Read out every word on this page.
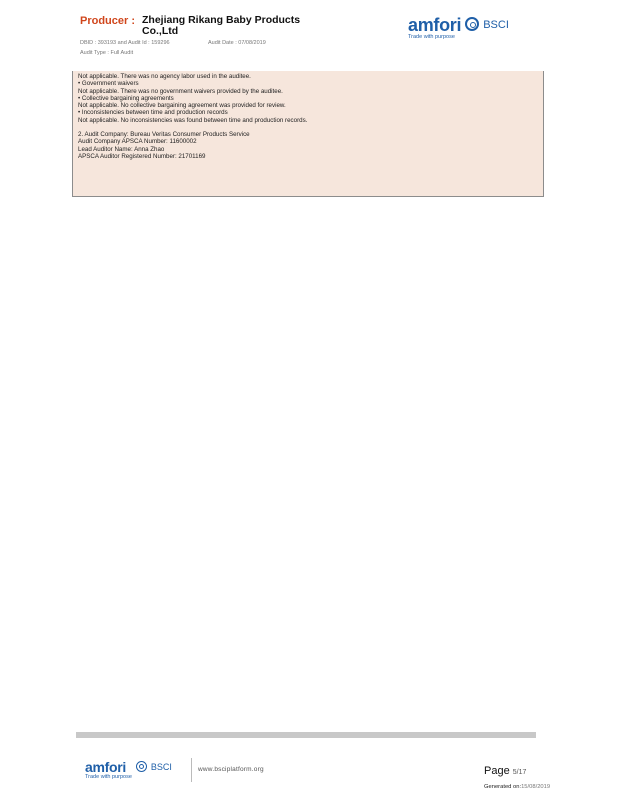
Producer : Zhejiang Rikang Baby Products Co.,Ltd
DBID : 393193 and Audit Id : 159296	Audit Date : 07/08/2019
Audit Type : Full Audit
amfori
Trade with purpose
BSCI
Not applicable. There was no agency labor used in the auditee.
• Government waivers
Not applicable. There was no government waivers provided by the auditee.
• Collective bargaining agreements
Not applicable. No collective bargaining agreement was provided for review.
• Inconsistencies between time and production records
Not applicable. No inconsistencies was found between time and production records.
2. Audit Company: Bureau Veritas Consumer Products Service
Audit Company APSCA Number: 11600002
Lead Auditor Name: Anna Zhao
APSCA Auditor Registered Number: 21701169
amfori
Trade with purpose
BSCI	www.bsciplatform.org	Page 5/17
Generated on:15/08/2019
